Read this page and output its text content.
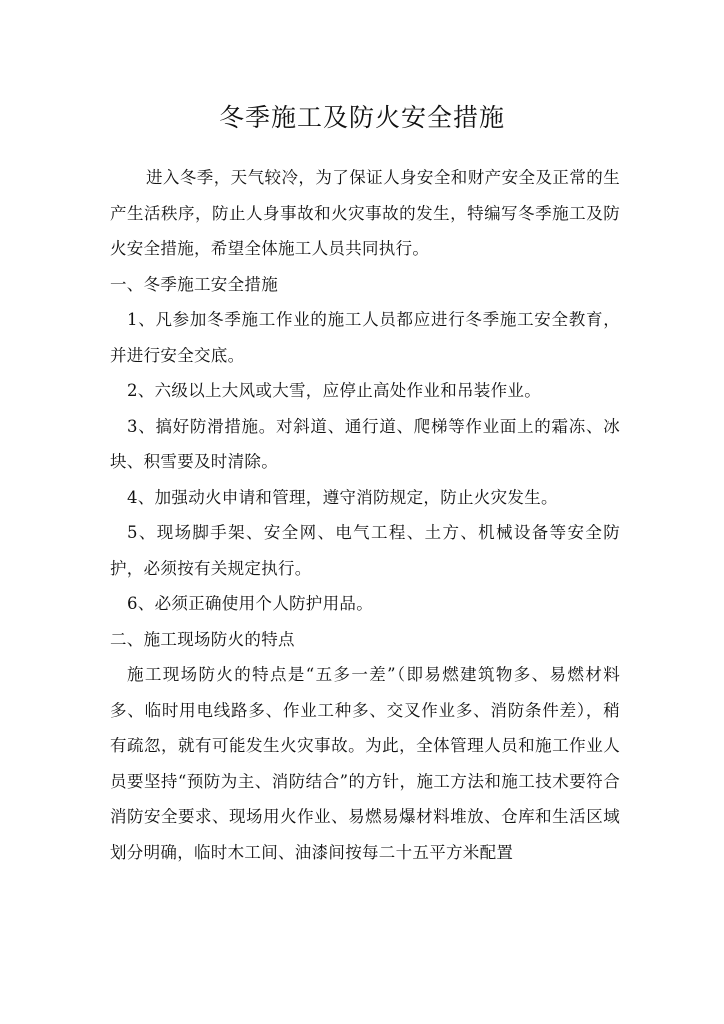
冬季施工及防火安全措施

进入冬季，天气较冷，为了保证人身安全和财产安全及正常的生产生活秩序，防止人身事故和火灾事故的发生，特编写冬季施工及防火安全措施，希望全体施工人员共同执行。

一、冬季施工安全措施

1、凡参加冬季施工作业的施工人员都应进行冬季施工安全教育，并进行安全交底。

2、六级以上大风或大雪，应停止高处作业和吊装作业。

3、搞好防滑措施。对斜道、通行道、爬梯等作业面上的霜冻、冰块、积雪要及时清除。

4、加强动火申请和管理，遵守消防规定，防止火灾发生。

5、现场脚手架、安全网、电气工程、土方、机械设备等安全防护，必须按有关规定执行。

6、必须正确使用个人防护用品。

二、施工现场防火的特点

施工现场防火的特点是“五多一差”（即易燃建筑物多、易燃材料多、临时用电线路多、作业工种多、交叉作业多、消防条件差），稍有疏忽，就有可能发生火灾事故。为此，全体管理人员和施工作业人员要坚持“预防为主、消防结合”的方针，施工方法和施工技术要符合消防安全要求、现场用火作业、易燃易爆材料堆放、仓库和生活区域划分明确，临时木工间、油漆间按每二十五平方米配置
